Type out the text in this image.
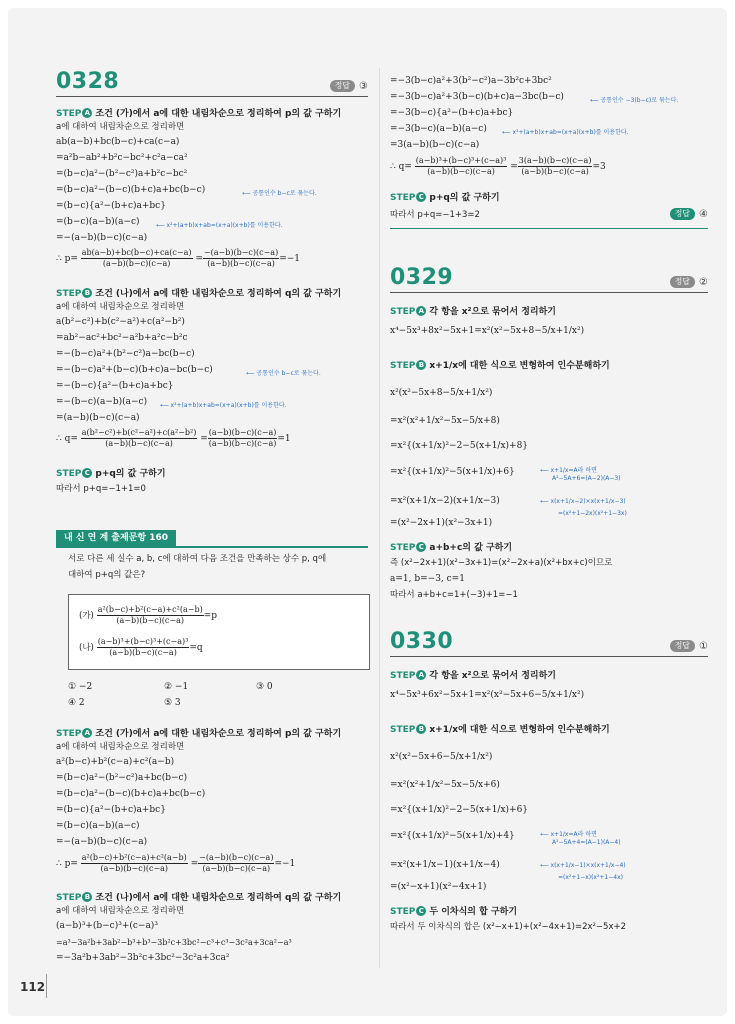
0328	정답 ③
STEP A 조건 (가)에서 a에 대한 내림차순으로 정리하여 p의 값 구하기
a에 대하여 내림차순으로 정리하면
ab(a−b)+bc(b−c)+ca(c−a)
=a²b−ab²+b²c−bc²+c²a−ca²
=(b−c)a²−(b²−c²)a+b²c−bc²
=(b−c)a²−(b−c)(b+c)a+bc(b−c)	⟵ 공통인수 b−c로 묶는다.
=(b−c){a²−(b+c)a+bc}
=(b−c)(a−b)(a−c)	⟵ x²+(a+b)x+ab=(x+a)(x+b)를 이용한다.
=−(a−b)(b−c)(c−a)
∴ $p= \frac{ab(a-b)+bc(b-c)+ca(c-a)}{(a-b)(b-c)(c-a)} = \frac{-(a-b)(b-c)(c-a)}{(a-b)(b-c)(c-a)} =-1$
STEP B 조건 (나)에서 a에 대한 내림차순으로 정리하여 q의 값 구하기
a에 대하여 내림차순으로 정리하면
a(b²−c²)+b(c²−a²)+c(a²−b²)
=ab²−ac²+bc²−a²b+a²c−b²c
=−(b−c)a²+(b²−c²)a−bc(b−c)
=−(b−c)a²+(b−c)(b+c)a−bc(b−c)	⟵ 공통인수 b−c로 묶는다.
=−(b−c){a²−(b+c)a+bc}
=−(b−c)(a−b)(a−c) ⟵ x²+(a+b)x+ab=(x+a)(x+b)를 이용한다.
=(a−b)(b−c)(c−a)
∴ $q= \frac{\text{a(b²−c²)+b(c²−a²)+c(a²−b²)}}{(a-b)(b-c)(c-a)} = \frac{(a-b)(b-c)(c-a)}{(a-b)(b-c)(c-a)} =1$
STEP C p+q의 값 구하기
따라서 p+q=−1+1=0
내 신 연 계 출제문항 160
서로 다른 세 실수 a, b, c에 대하여 다음 조건을 만족하는 상수 p, q에
대하여 p+q의 값은?
(가) $\frac{\text{a²(b−c)+b²(c−a)+c²(a−b)}}{(a-b)(b-c)(c-a)} =p$
(나) $\frac{\text{(a−b)³+(b−c)³+(c−a)³}}{(a-b)(b-c)(c-a)} =q$
① −2	② −1	③ 0
④ 2	⑤ 3
STEP A 조건 (가)에서 a에 대한 내림차순으로 정리하여 p의 값 구하기
a에 대하여 내림차순으로 정리하면
a²(b−c)+b²(c−a)+c²(a−b)
=(b−c)a²−(b²−c²)a+bc(b−c)
=(b−c)a²−(b−c)(b+c)a+bc(b−c)
=(b−c){a²−(b+c)a+bc}
=(b−c)(a−b)(a−c)
=−(a−b)(b−c)(c−a)
∴ $p= \frac{\text{a²(b−c)+b²(c−a)+c²(a−b)}}{(a-b)(b-c)(c-a)} = \frac{-(a-b)(b-c)(c-a)}{(a-b)(b-c)(c-a)} =-1$
STEP B 조건 (나)에서 a에 대한 내림차순으로 정리하여 q의 값 구하기
a에 대하여 내림차순으로 정리하면
(a−b)³+(b−c)³+(c−a)³
=a³−3a²b+3ab²−b³+b³−3b²c+3bc²−c³+c³−3c²a+3ca²−a³
=−3a²b+3ab²−3b²c+3bc²−3c²a+3ca²
112
=−3(b−c)a²+3(b²−c²)a−3b²c+3bc²
=−3(b−c)a²+3(b−c)(b+c)a−3bc(b−c)	⟵ 공통인수 −3(b−c)로 묶는다.
=−3(b−c){a²−(b+c)a+bc}
=−3(b−c)(a−b)(a−c)	⟵ x²+(a+b)x+ab=(x+a)(x+b)를 이용한다.
=3(a−b)(b−c)(c−a)
∴ $q= \frac{\text{(a−b)³+(b−c)³+(c−a)³}}{(a-b)(b-c)(c-a)} = \frac{3(a-b)(b-c)(c-a)}{(a-b)(b-c)(c-a)} =3$
STEP C p+q의 값 구하기
따라서 p+q=−1+3=2	정답 ④
0329	정답 ②
STEP A 각 항을 x²으로 묶어서 정리하기
x⁴−5x³+8x²−5x+1=x²(x²−5x+8−5/x+1/x²)
STEP B x+1/x에 대한 식으로 변형하여 인수분해하기
x²(x²−5x+8−5/x+1/x²)
=x²(x²+1/x²−5x−5/x+8)
=x²{(x+1/x)²−2−5(x+1/x)+8}
=x²{(x+1/x)²−5(x+1/x)+6}	⟵ x+1/x=A라 하면
A²−5A+6=(A−2)(A−3)
=x²(x+1/x−2)(x+1/x−3)	⟵ x(x+1/x−2)×x(x+1/x−3)
=(x²+1−2x)(x²+1−3x)
=(x²−2x+1)(x²−3x+1)
STEP C a+b+c의 값 구하기
즉 (x²−2x+1)(x²−3x+1)=(x²−2x+a)(x²+bx+c)이므로
a=1, b=−3, c=1
따라서 a+b+c=1+(−3)+1=−1
0330	정답 ①
STEP A 각 항을 x²으로 묶어서 정리하기
x⁴−5x³+6x²−5x+1=x²(x²−5x+6−5/x+1/x²)
STEP B x+1/x에 대한 식으로 변형하여 인수분해하기
x²(x²−5x+6−5/x+1/x²)
=x²(x²+1/x²−5x−5/x+6)
=x²{(x+1/x)²−2−5(x+1/x)+6}
=x²{(x+1/x)²−5(x+1/x)+4}	⟵ x+1/x=A라 하면
A²−5A+4=(A−1)(A−4)
=x²(x+1/x−1)(x+1/x−4)	⟵ x(x+1/x−1)×x(x+1/x−4)
=(x²+1−x)(x²+1−4x)
=(x²−x+1)(x²−4x+1)
STEP C 두 이차식의 합 구하기
따라서 두 이차식의 합은 (x²−x+1)+(x²−4x+1)=2x²−5x+2
